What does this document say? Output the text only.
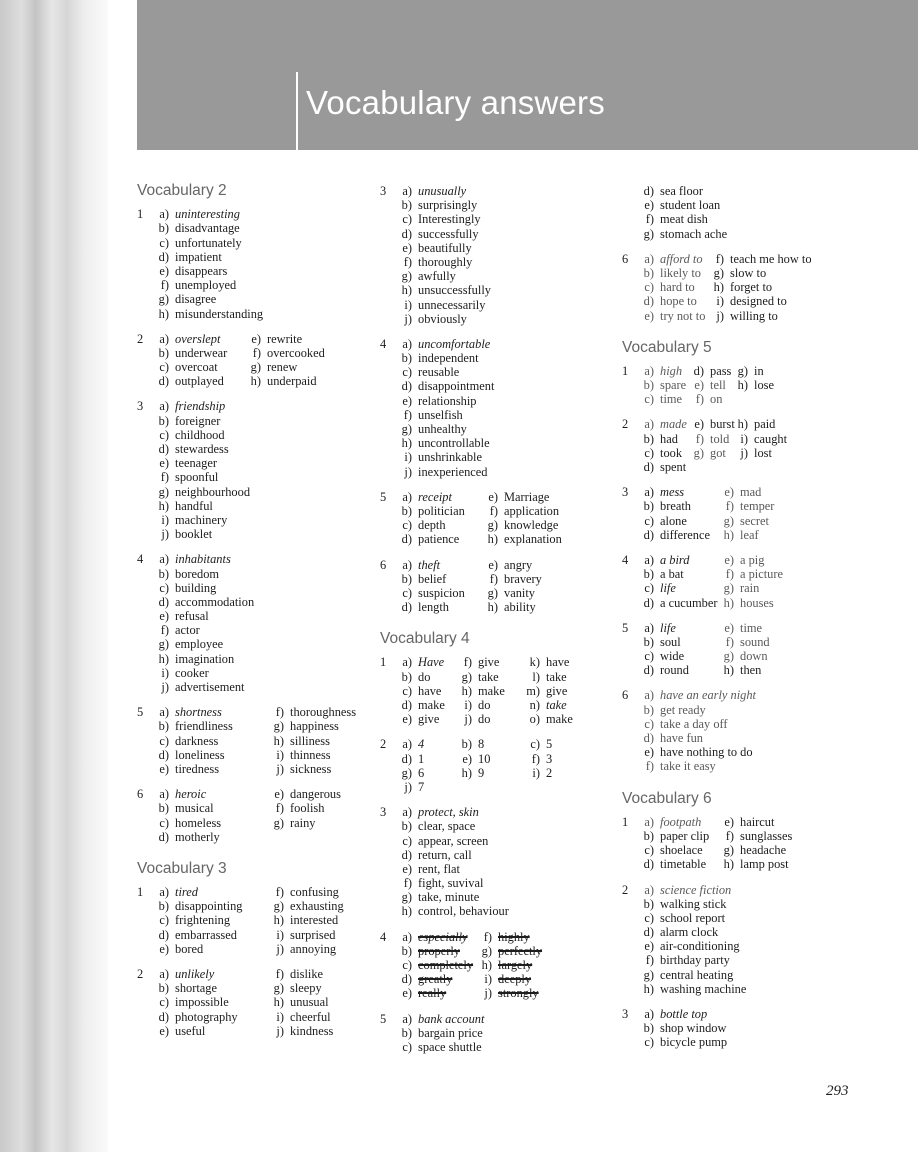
Vocabulary answers
Vocabulary 2
1	a) uninteresting
b) disadvantage
c) unfortunately
d) impatient
e) disappears
f) unemployed
g) disagree
h) misunderstanding
2	a) overslept	e) rewrite
b) underwear	f) overcooked
c) overcoat	g) renew
d) outplayed	h) underpaid
3	a) friendship
b) foreigner
c) childhood
d) stewardess
e) teenager
f) spoonful
g) neighbourhood
h) handful
i) machinery
j) booklet
4	a) inhabitants
b) boredom
c) building
d) accommodation
e) refusal
f) actor
g) employee
h) imagination
i) cooker
j) advertisement
5	a) shortness	f) thoroughness
b) friendliness	g) happiness
c) darkness	h) silliness
d) loneliness	i) thinness
e) tiredness	j) sickness
6	a) heroic	e) dangerous
b) musical	f) foolish
c) homeless	g) rainy
d) motherly
Vocabulary 3
1	a) tired	f) confusing
b) disappointing	g) exhausting
c) frightening	h) interested
d) embarrassed	i) surprised
e) bored	j) annoying
2	a) unlikely	f) dislike
b) shortage	g) sleepy
c) impossible	h) unusual
d) photography	i) cheerful
e) useful	j) kindness
3	a) unusually
b) surprisingly
c) Interestingly
d) successfully
e) beautifully
f) thoroughly
g) awfully
h) unsuccessfully
i) unnecessarily
j) obviously
4	a) uncomfortable
b) independent
c) reusable
d) disappointment
e) relationship
f) unselfish
g) unhealthy
h) uncontrollable
i) unshrinkable
j) inexperienced
5	a) receipt	e) Marriage
b) politician	f) application
c) depth	g) knowledge
d) patience	h) explanation
6	a) theft	e) angry
b) belief	f) bravery
c) suspicion	g) vanity
d) length	h) ability
Vocabulary 4
1	a) Have	f) give	k) have
b) do	g) take	l) take
c) have	h) make	m) give
d) make	i) do	n) take
e) give	j) do	o) make
2	a) 4	b) 8	c) 5
d) 1	e) 10	f) 3
g) 6	h) 9	i) 2
j) 7
3	a) protect, skin
b) clear, space
c) appear, screen
d) return, call
e) rent, flat
f) fight, suvival
g) take, minute
h) control, behaviour
4	a) especially	f) highly
b) properly	g) perfectly
c) completely h) largely
d) greatly	i) deeply
e) really	j) strongly
5	a) bank account
b) bargain price
c) space shuttle
d) sea floor
e) student loan
f) meat dish
g) stomach ache
6	a) afford to	f) teach me how to
b) likely to	g) slow to
c) hard to	h) forget to
d) hope to	i) designed to
e) try not to j) willing to
Vocabulary 5
1	a) high d) pass g) in
b) spare e) tell h) lose
c) time	f) on
2	a) made e) burst h) paid
b) had	f) told i) caught
c) took g) got	j) lost
d) spent
3	a) mess	e) mad
b) breath	f) temper
c) alone	g) secret
d) difference	h) leaf
4	a) a bird	e) a pig
b) a bat	f) a picture
c) life	g) rain
d) a cucumber h) houses
5	a) life	e) time
b) soul	f) sound
c) wide	g) down
d) round	h) then
6	a) have an early night
b) get ready
c) take a day off
d) have fun
e) have nothing to do
f) take it easy
Vocabulary 6
1	a) footpath	e) haircut
b) paper clip	f) sunglasses
c) shoelace	g) headache
d) timetable	h) lamp post
2	a) science fiction
b) walking stick
c) school report
d) alarm clock
e) air-conditioning
f) birthday party
g) central heating
h) washing machine
3	a) bottle top
b) shop window
c) bicycle pump
293
